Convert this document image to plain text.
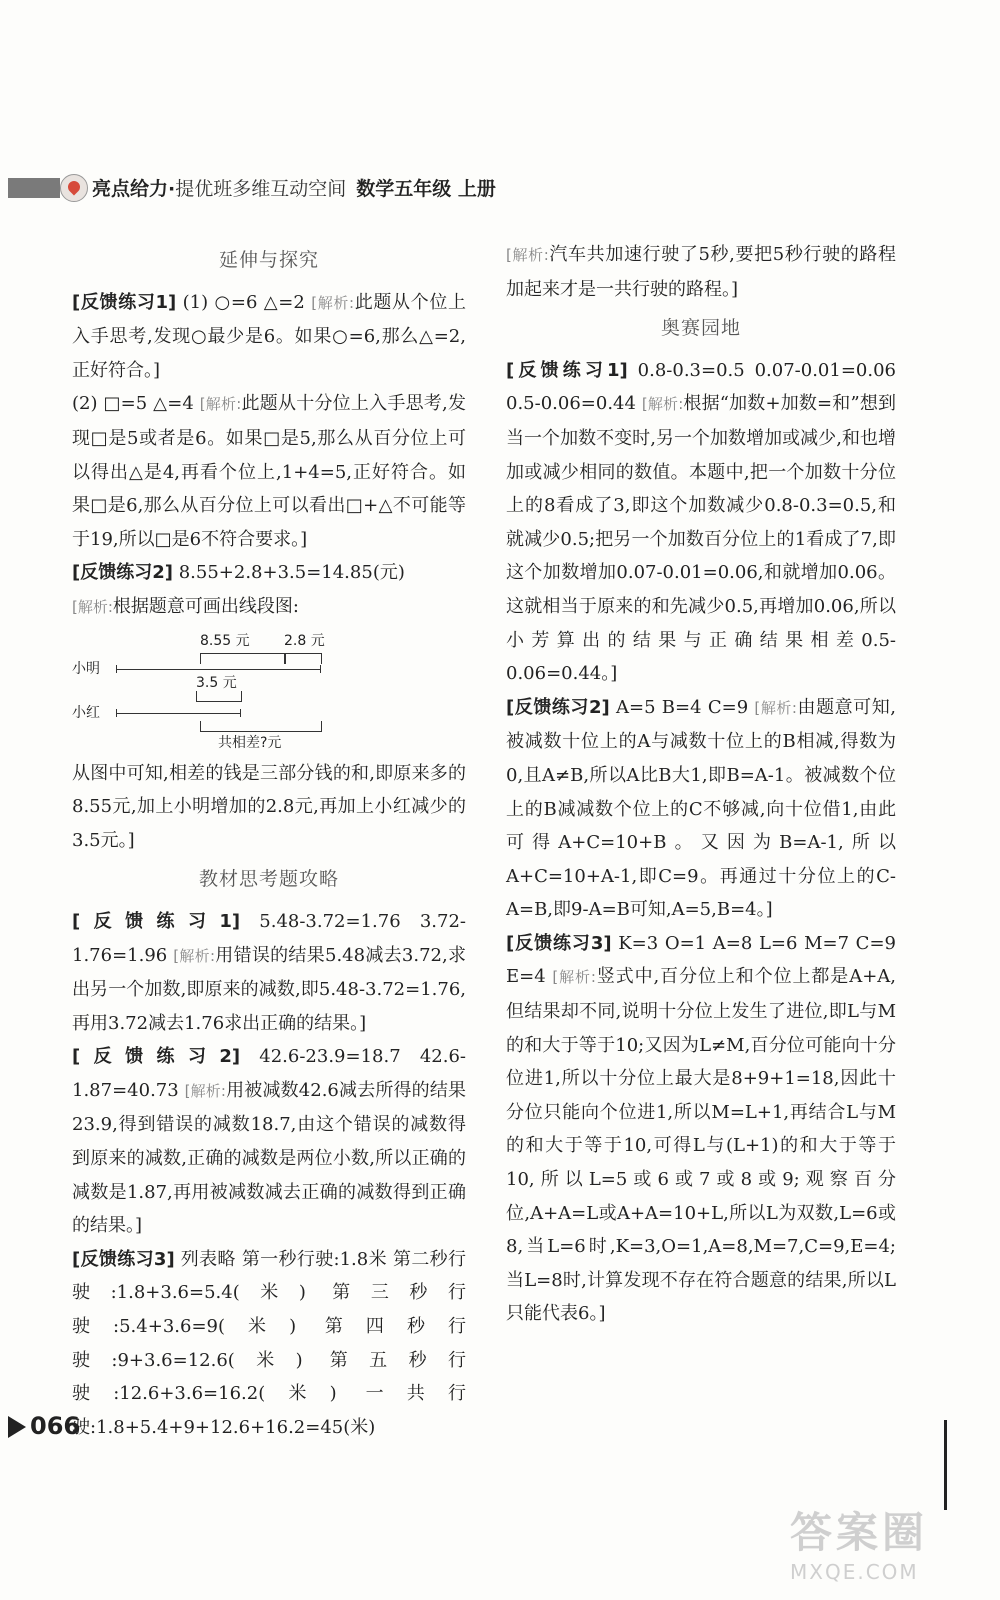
亮点给力·提优班多维互动空间 数学五年级 上册
延伸与探究

[反馈练习1] (1) ○=6 △=2 [解析:此题从个位上入手思考,发现○最少是6。如果○=6,那么△=2,正好符合。]

(2) □=5 △=4 [解析:此题从十分位上入手思考,发现□是5或者是6。如果□是5,那么从百分位上可以得出△是4,再看个位上,1+4=5,正好符合。如果□是6,那么从百分位上可以看出□+△不可能等于19,所以□是6不符合要求。]

[反馈练习2] 8.55+2.8+3.5=14.85(元)
[解析:根据题意可画出线段图:

8.55 元 2.8 元
小明
3.5 元
小红
共相差?元

从图中可知,相差的钱是三部分钱的和,即原来多的8.55元,加上小明增加的2.8元,再加上小红减少的3.5元。]

教材思考题攻略

[反馈练习1] 5.48-3.72=1.76 3.72-1.76=1.96 [解析:用错误的结果5.48减去3.72,求出另一个加数,即原来的减数,即5.48-3.72=1.76,再用3.72减去1.76求出正确的结果。]

[反馈练习2] 42.6-23.9=18.7 42.6-1.87=40.73 [解析:用被减数42.6减去所得的结果23.9,得到错误的减数18.7,由这个错误的减数得到原来的减数,正确的减数是两位小数,所以正确的减数是1.87,再用被减数减去正确的减数得到正确的结果。]

[反馈练习3] 列表略 第一秒行驶:1.8米 第二秒行驶:1.8+3.6=5.4(米) 第三秒行驶:5.4+3.6=9(米) 第四秒行驶:9+3.6=12.6(米) 第五秒行驶:12.6+3.6=16.2(米) 一共行驶:1.8+5.4+9+12.6+16.2=45(米)

[解析:汽车共加速行驶了5秒,要把5秒行驶的路程加起来才是一共行驶的路程。]

奥赛园地

[反馈练习1] 0.8-0.3=0.5 0.07-0.01=0.06 0.5-0.06=0.44 [解析:根据“加数+加数=和”想到当一个加数不变时,另一个加数增加或减少,和也增加或减少相同的数值。本题中,把一个加数十分位上的8看成了3,即这个加数减少0.8-0.3=0.5,和就减少0.5;把另一个加数百分位上的1看成了7,即这个加数增加0.07-0.01=0.06,和就增加0.06。这就相当于原来的和先减少0.5,再增加0.06,所以小芳算出的结果与正确结果相差0.5-0.06=0.44。]

[反馈练习2] A=5 B=4 C=9 [解析:由题意可知,被减数十位上的A与减数十位上的B相减,得数为0,且A≠B,所以A比B大1,即B=A-1。被减数个位上的B减减数个位上的C不够减,向十位借1,由此可得A+C=10+B。又因为B=A-1,所以A+C=10+A-1,即C=9。再通过十分位上的C-A=B,即9-A=B可知,A=5,B=4。]

[反馈练习3] K=3 O=1 A=8 L=6 M=7 C=9 E=4 [解析:竖式中,百分位上和个位上都是A+A,但结果却不同,说明十分位上发生了进位,即L与M的和大于等于10;又因为L≠M,百分位可能向十分位进1,所以十分位上最大是8+9+1=18,因此十分位只能向个位进1,所以M=L+1,再结合L与M的和大于等于10,可得L与(L+1)的和大于等于10,所以L=5或6或7或8或9;观察百分位,A+A=L或A+A=10+L,所以L为双数,L=6或8,当L=6时,K=3,O=1,A=8,M=7,C=9,E=4;当L=8时,计算发现不存在符合题意的结果,所以L只能代表6。]

066
答案圈
MXQE.COM
